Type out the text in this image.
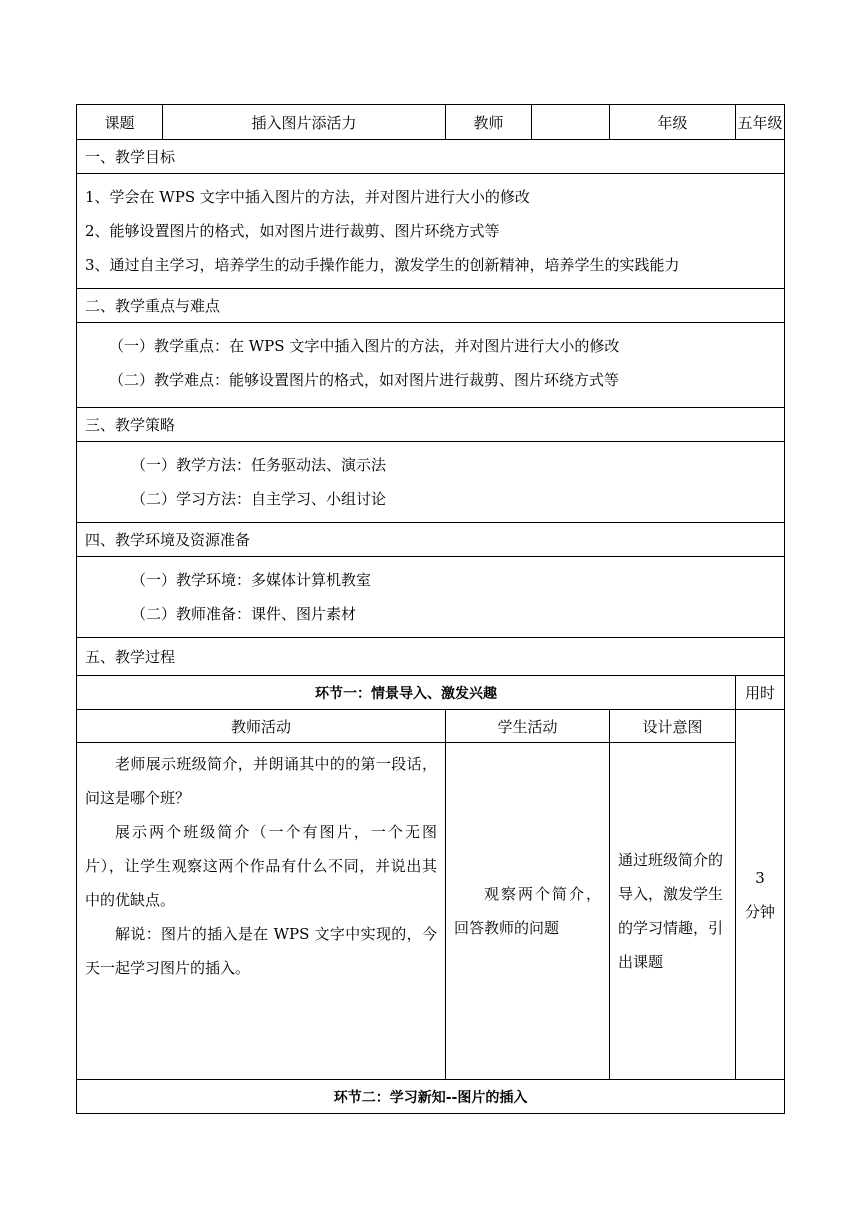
课题	插入图片添活力	教师		年级	五年级
一、教学目标					

1、学会在 WPS 文字中插入图片的方法，并对图片进行大小的修改
2、能够设置图片的格式，如对图片进行裁剪、图片环绕方式等
3、通过自主学习，培养学生的动手操作能力，激发学生的创新精神，培养学生的实践能力					

二、教学重点与难点					

（一）教学重点：在 WPS 文字中插入图片的方法，并对图片进行大小的修改
（二）教学难点：能够设置图片的格式，如对图片进行裁剪、图片环绕方式等					

三、教学策略					

（一）教学方法：任务驱动法、演示法
（二）学习方法：自主学习、小组讨论					

四、教学环境及资源准备					

（一）教学环境：多媒体计算机教室
（二）教师准备：课件、图片素材					

五、教学过程					
环节一：情景导入、激发兴趣					用时
教师活动		学生活动		设计意图	3
分钟

老师展示班级简介，并朗诵其中的的第一段话，问这是哪个班？
展示两个班级简介（一个有图片，一个无图片），让学生观察这两个作品有什么不同，并说出其中的优缺点。
解说：图片的插入是在 WPS 文字中实现的，今天一起学习图片的插入。		观察两个简介，回答教师的问题		通过班级简介的导入，激发学生的学习情趣，引出课题	

环节二：学习新知--图片的插入					
